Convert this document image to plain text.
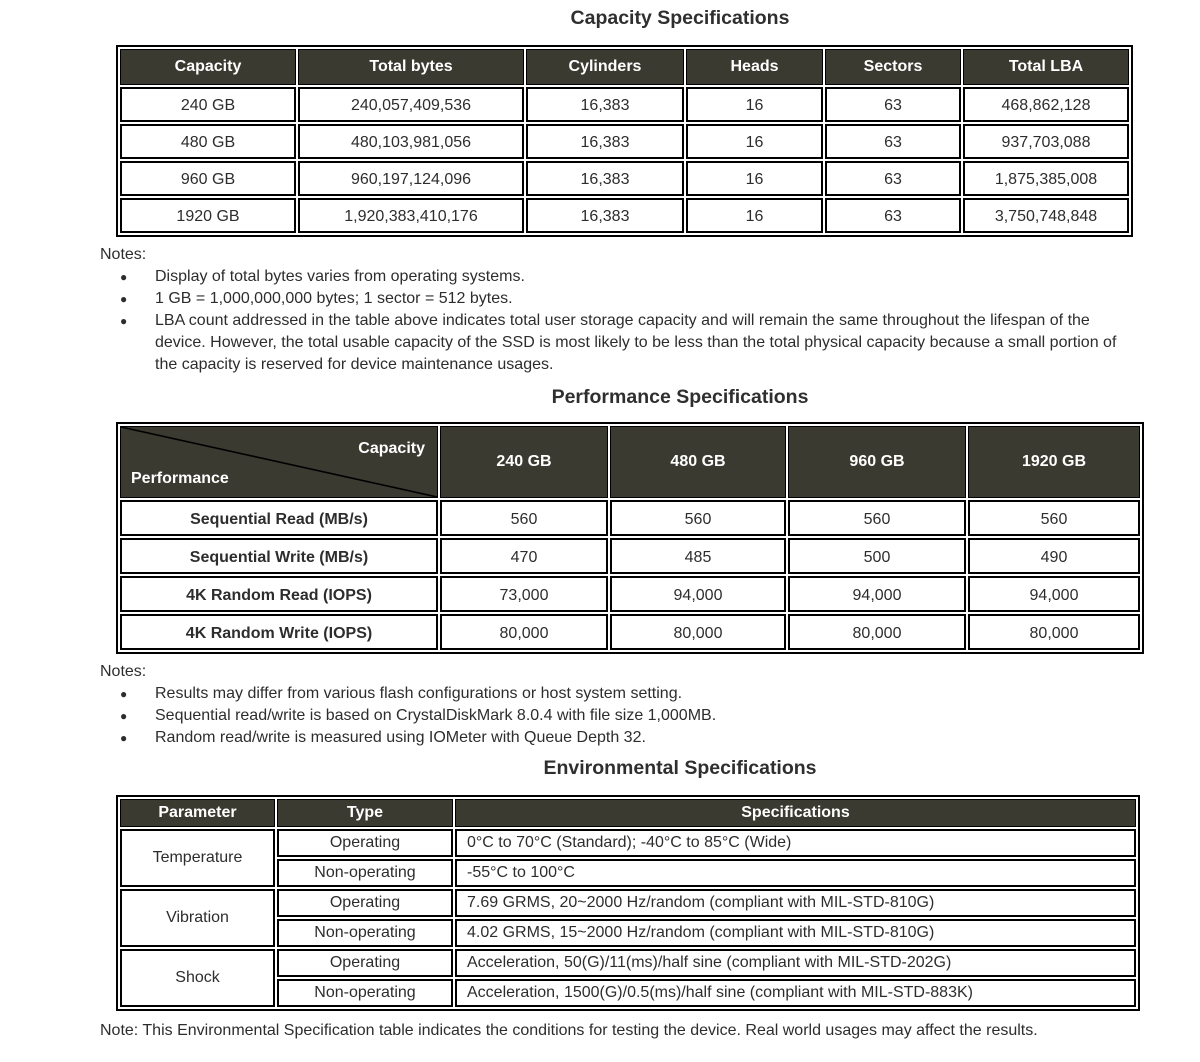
Capacity Specifications
Capacity	Total bytes	Cylinders	Heads	Sectors	Total LBA
240 GB	240,057,409,536	16,383	16	63	468,862,128
480 GB	480,103,981,056	16,383	16	63	937,703,088
960 GB	960,197,124,096	16,383	16	63	1,875,385,008
1920 GB	1,920,383,410,176	16,383	16	63	3,750,748,848
Notes:
●	Display of total bytes varies from operating systems.
●	1 GB = 1,000,000,000 bytes; 1 sector = 512 bytes.
●	LBA count addressed in the table above indicates total user storage capacity and will remain the same throughout the lifespan of the device. However, the total usable capacity of the SSD is most likely to be less than the total physical capacity because a small portion of the capacity is reserved for device maintenance usages.
Performance Specifications
Capacity
Performance	240 GB	480 GB	960 GB	1920 GB
Sequential Read (MB/s)	560	560	560	560
Sequential Write (MB/s)	470	485	500	490
4K Random Read (IOPS)	73,000	94,000	94,000	94,000
4K Random Write (IOPS)	80,000	80,000	80,000	80,000
Notes:
●	Results may differ from various flash configurations or host system setting.
●	Sequential read/write is based on CrystalDiskMark 8.0.4 with file size 1,000MB.
●	Random read/write is measured using IOMeter with Queue Depth 32.
Environmental Specifications
Parameter	Type	Specifications
Temperature	Operating	0°C to 70°C (Standard); -40°C to 85°C (Wide)
	Non-operating	-55°C to 100°C
Vibration	Operating	7.69 GRMS, 20~2000 Hz/random (compliant with MIL-STD-810G)
	Non-operating	4.02 GRMS, 15~2000 Hz/random (compliant with MIL-STD-810G)
Shock	Operating	Acceleration, 50(G)/11(ms)/half sine (compliant with MIL-STD-202G)
	Non-operating	Acceleration, 1500(G)/0.5(ms)/half sine (compliant with MIL-STD-883K)

Note: This Environmental Specification table indicates the conditions for testing the device. Real world usages may affect the results.
